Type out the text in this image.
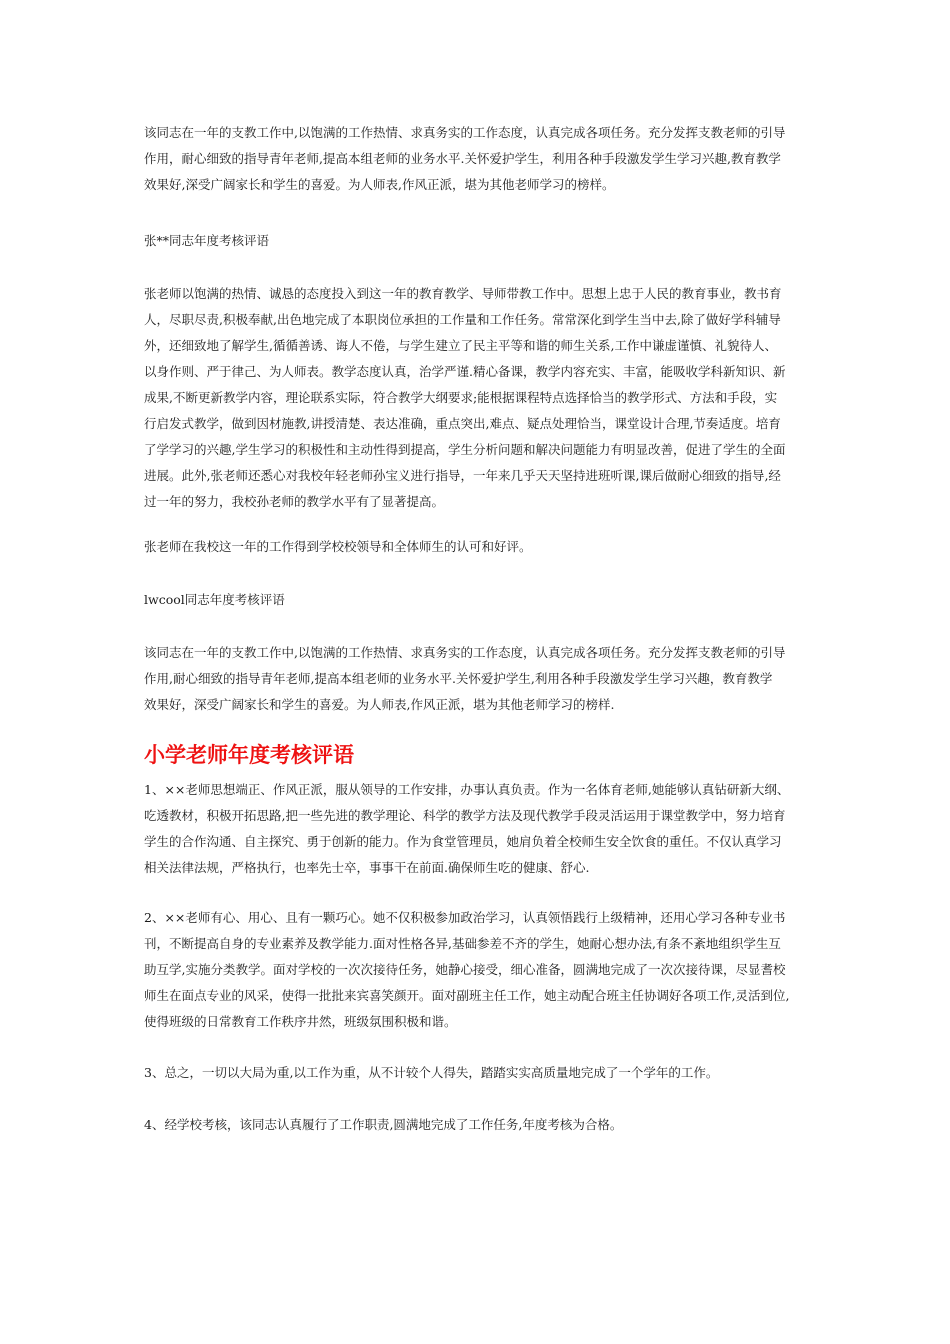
该同志在一年的支教工作中,以饱满的工作热情、求真务实的工作态度，认真完成各项任务。充分发挥支教老师的引导
作用，耐心细致的指导青年老师,提高本组老师的业务水平.关怀爱护学生，利用各种手段激发学生学习兴趣,教育教学
效果好,深受广阔家长和学生的喜爱。为人师表,作风正派，堪为其他老师学习的榜样。
张**同志年度考核评语
张老师以饱满的热情、诚恳的态度投入到这一年的教育教学、导师带教工作中。思想上忠于人民的教育事业，教书育
人，尽职尽责,积极奉献,出色地完成了本职岗位承担的工作量和工作任务。常常深化到学生当中去,除了做好学科辅导
外，还细致地了解学生,循循善诱、诲人不倦，与学生建立了民主平等和谐的师生关系,工作中谦虚谨慎、礼貌待人、
以身作则、严于律己、为人师表。教学态度认真，治学严谨.精心备课，教学内容充实、丰富，能吸收学科新知识、新
成果,不断更新教学内容，理论联系实际，符合教学大纲要求;能根据课程特点选择恰当的教学形式、方法和手段，实
行启发式教学，做到因材施教,讲授清楚、表达准确，重点突出,难点、疑点处理恰当，课堂设计合理,节奏适度。培育
了学学习的兴趣,学生学习的积极性和主动性得到提高，学生分析问题和解决问题能力有明显改善，促进了学生的全面
进展。此外,张老师还悉心对我校年轻老师孙宝义进行指导，一年来几乎天天坚持进班听课,课后做耐心细致的指导,经
过一年的努力，我校孙老师的教学水平有了显著提高。
张老师在我校这一年的工作得到学校校领导和全体师生的认可和好评。
lwcool同志年度考核评语
该同志在一年的支教工作中,以饱满的工作热情、求真务实的工作态度，认真完成各项任务。充分发挥支教老师的引导
作用,耐心细致的指导青年老师,提高本组老师的业务水平.关怀爱护学生,利用各种手段激发学生学习兴趣，教育教学
效果好，深受广阔家长和学生的喜爱。为人师表,作风正派，堪为其他老师学习的榜样.
小学老师年度考核评语
1、××老师思想端正、作风正派，服从领导的工作安排，办事认真负责。作为一名体育老师,她能够认真钻研新大纲、
吃透教材，积极开拓思路,把一些先进的教学理论、科学的教学方法及现代教学手段灵活运用于课堂教学中，努力培育
学生的合作沟通、自主探究、勇于创新的能力。作为食堂管理员，她肩负着全校师生安全饮食的重任。不仅认真学习
相关法律法规，严格执行，也率先士卒，事事干在前面.确保师生吃的健康、舒心.
2、××老师有心、用心、且有一颗巧心。她不仅积极参加政治学习，认真领悟践行上级精神，还用心学习各种专业书
刊，不断提高自身的专业素养及教学能力.面对性格各异,基础参差不齐的学生，她耐心想办法,有条不紊地组织学生互
助互学,实施分类教学。面对学校的一次次接待任务，她静心接受，细心准备，圆满地完成了一次次接待课，尽显耆校
师生在面点专业的风采，使得一批批来宾喜笑颜开。面对副班主任工作，她主动配合班主任协调好各项工作,灵活到位,
使得班级的日常教育工作秩序井然，班级氛围积极和谐。
3、总之，一切以大局为重,以工作为重，从不计较个人得失，踏踏实实高质量地完成了一个学年的工作。
4、经学校考核，该同志认真履行了工作职责,圆满地完成了工作任务,年度考核为合格。
